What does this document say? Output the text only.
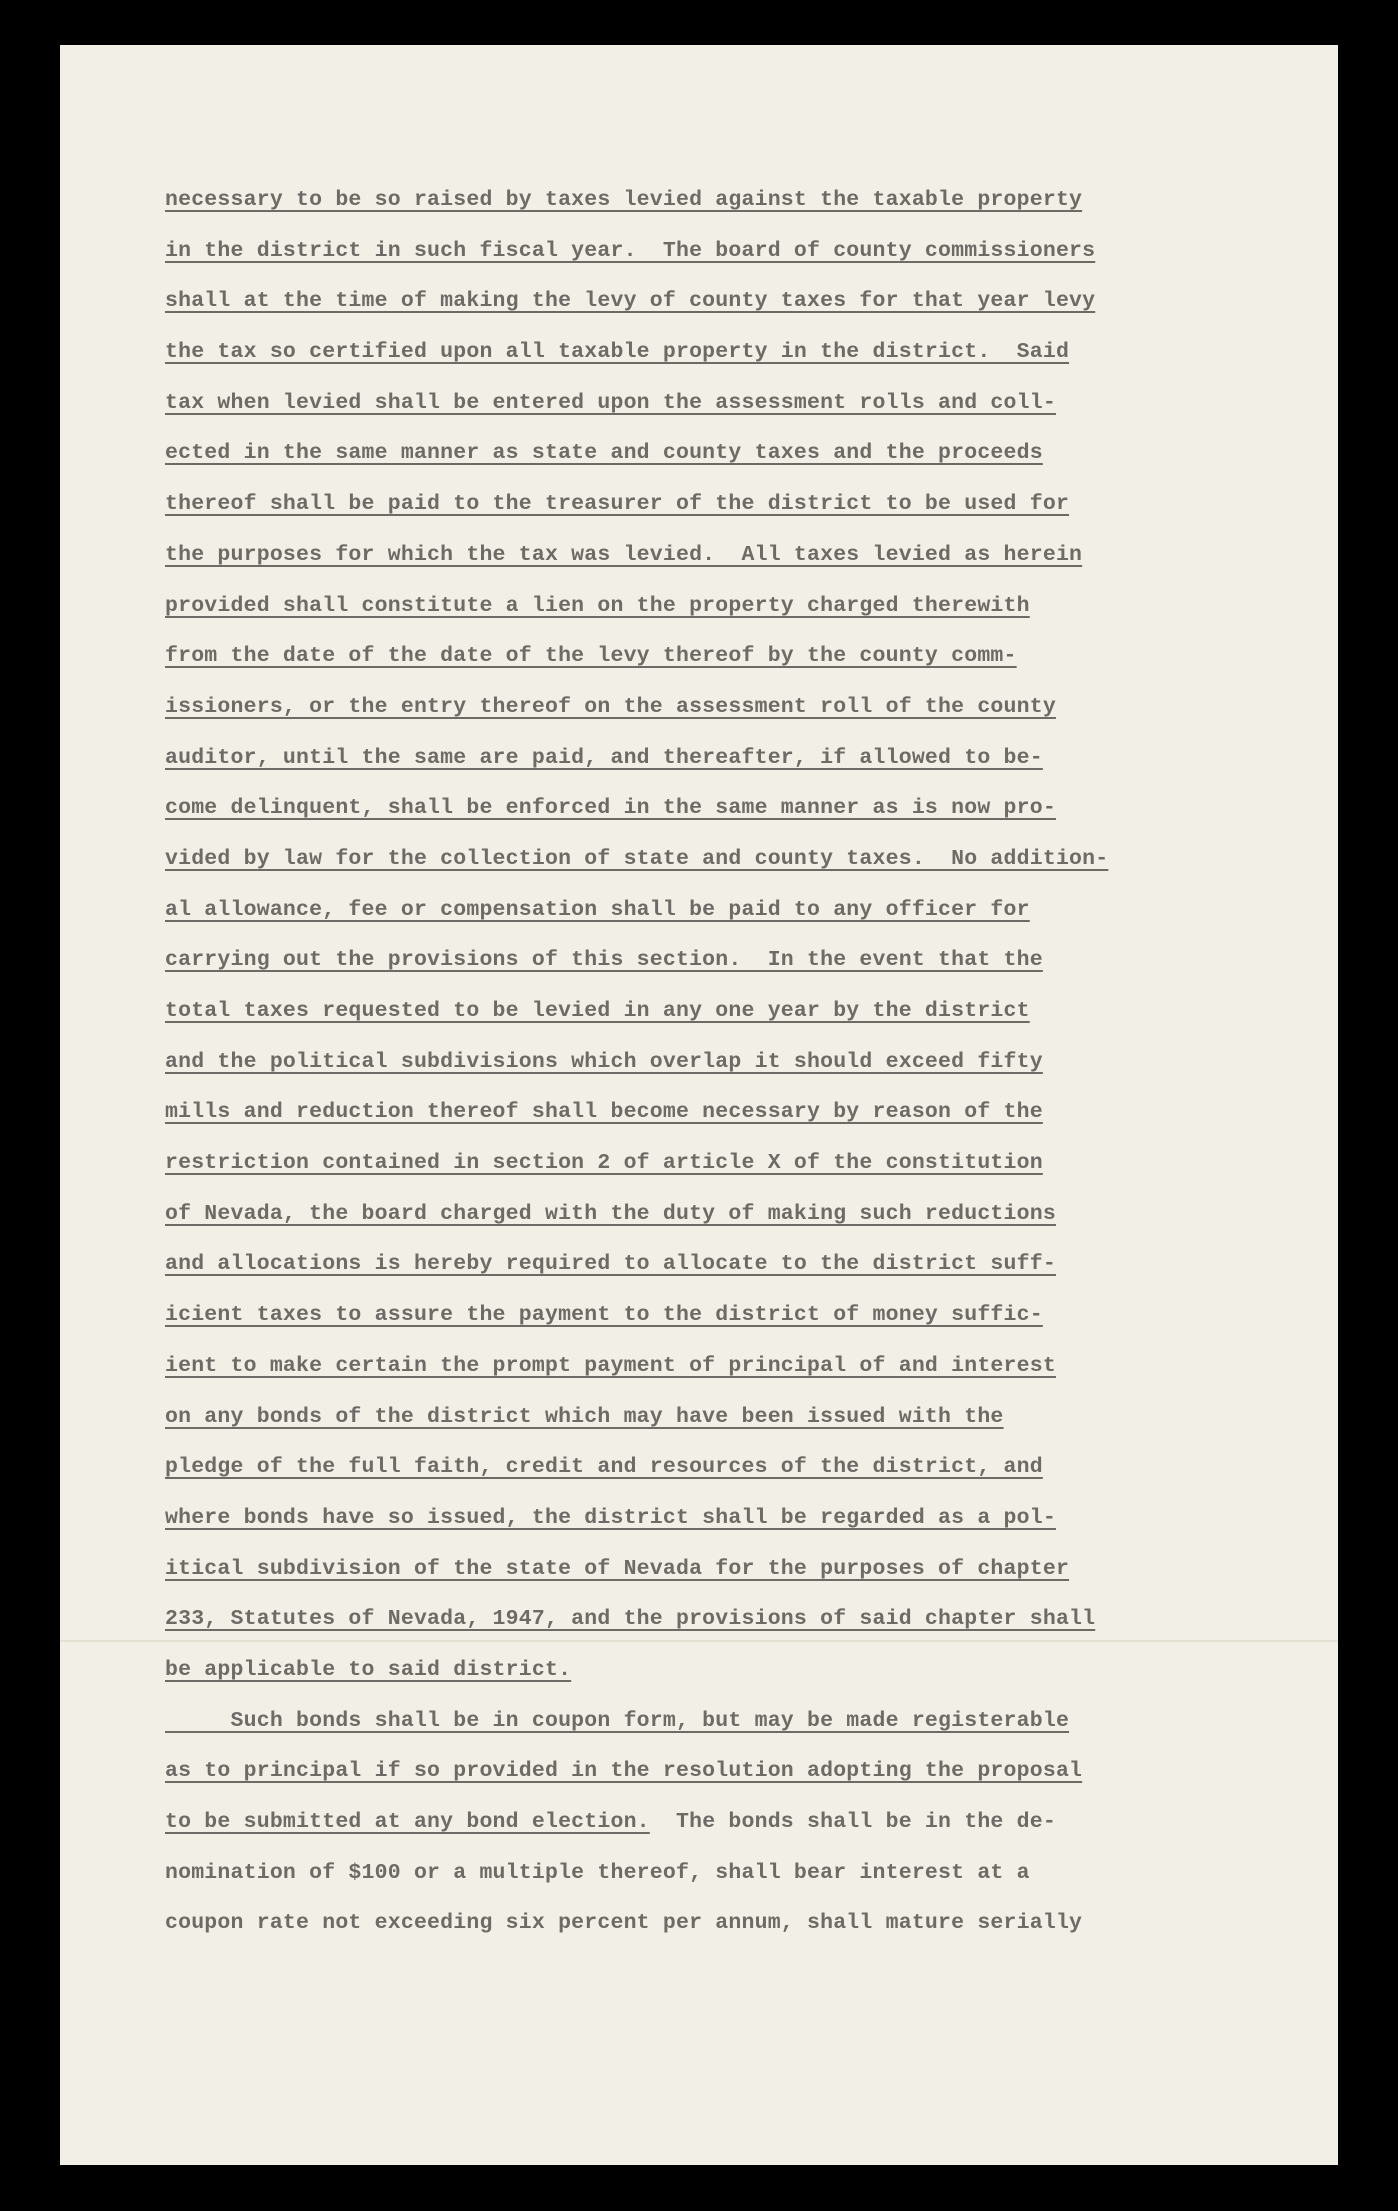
necessary to be so raised by taxes levied against the taxable property
in the district in such fiscal year.  The board of county commissioners
shall at the time of making the levy of county taxes for that year levy
the tax so certified upon all taxable property in the district.  Said
tax when levied shall be entered upon the assessment rolls and coll-
ected in the same manner as state and county taxes and the proceeds
thereof shall be paid to the treasurer of the district to be used for
the purposes for which the tax was levied.  All taxes levied as herein
provided shall constitute a lien on the property charged therewith
from the date of the date of the levy thereof by the county comm-
issioners, or the entry thereof on the assessment roll of the county
auditor, until the same are paid, and thereafter, if allowed to be-
come delinquent, shall be enforced in the same manner as is now pro-
vided by law for the collection of state and county taxes.  No addition-
al allowance, fee or compensation shall be paid to any officer for
carrying out the provisions of this section.  In the event that the
total taxes requested to be levied in any one year by the district
and the political subdivisions which overlap it should exceed fifty
mills and reduction thereof shall become necessary by reason of the
restriction contained in section 2 of article X of the constitution
of Nevada, the board charged with the duty of making such reductions
and allocations is hereby required to allocate to the district suff-
icient taxes to assure the payment to the district of money suffic-
ient to make certain the prompt payment of principal of and interest
on any bonds of the district which may have been issued with the
pledge of the full faith, credit and resources of the district, and
where bonds have so issued, the district shall be regarded as a pol-
itical subdivision of the state of Nevada for the purposes of chapter
233, Statutes of Nevada, 1947, and the provisions of said chapter shall
be applicable to said district.
Such bonds shall be in coupon form, but may be made registerable
as to principal if so provided in the resolution adopting the proposal
to be submitted at any bond election.  The bonds shall be in the de-
nomination of $100 or a multiple thereof, shall bear interest at a
coupon rate not exceeding six percent per annum, shall mature serially
